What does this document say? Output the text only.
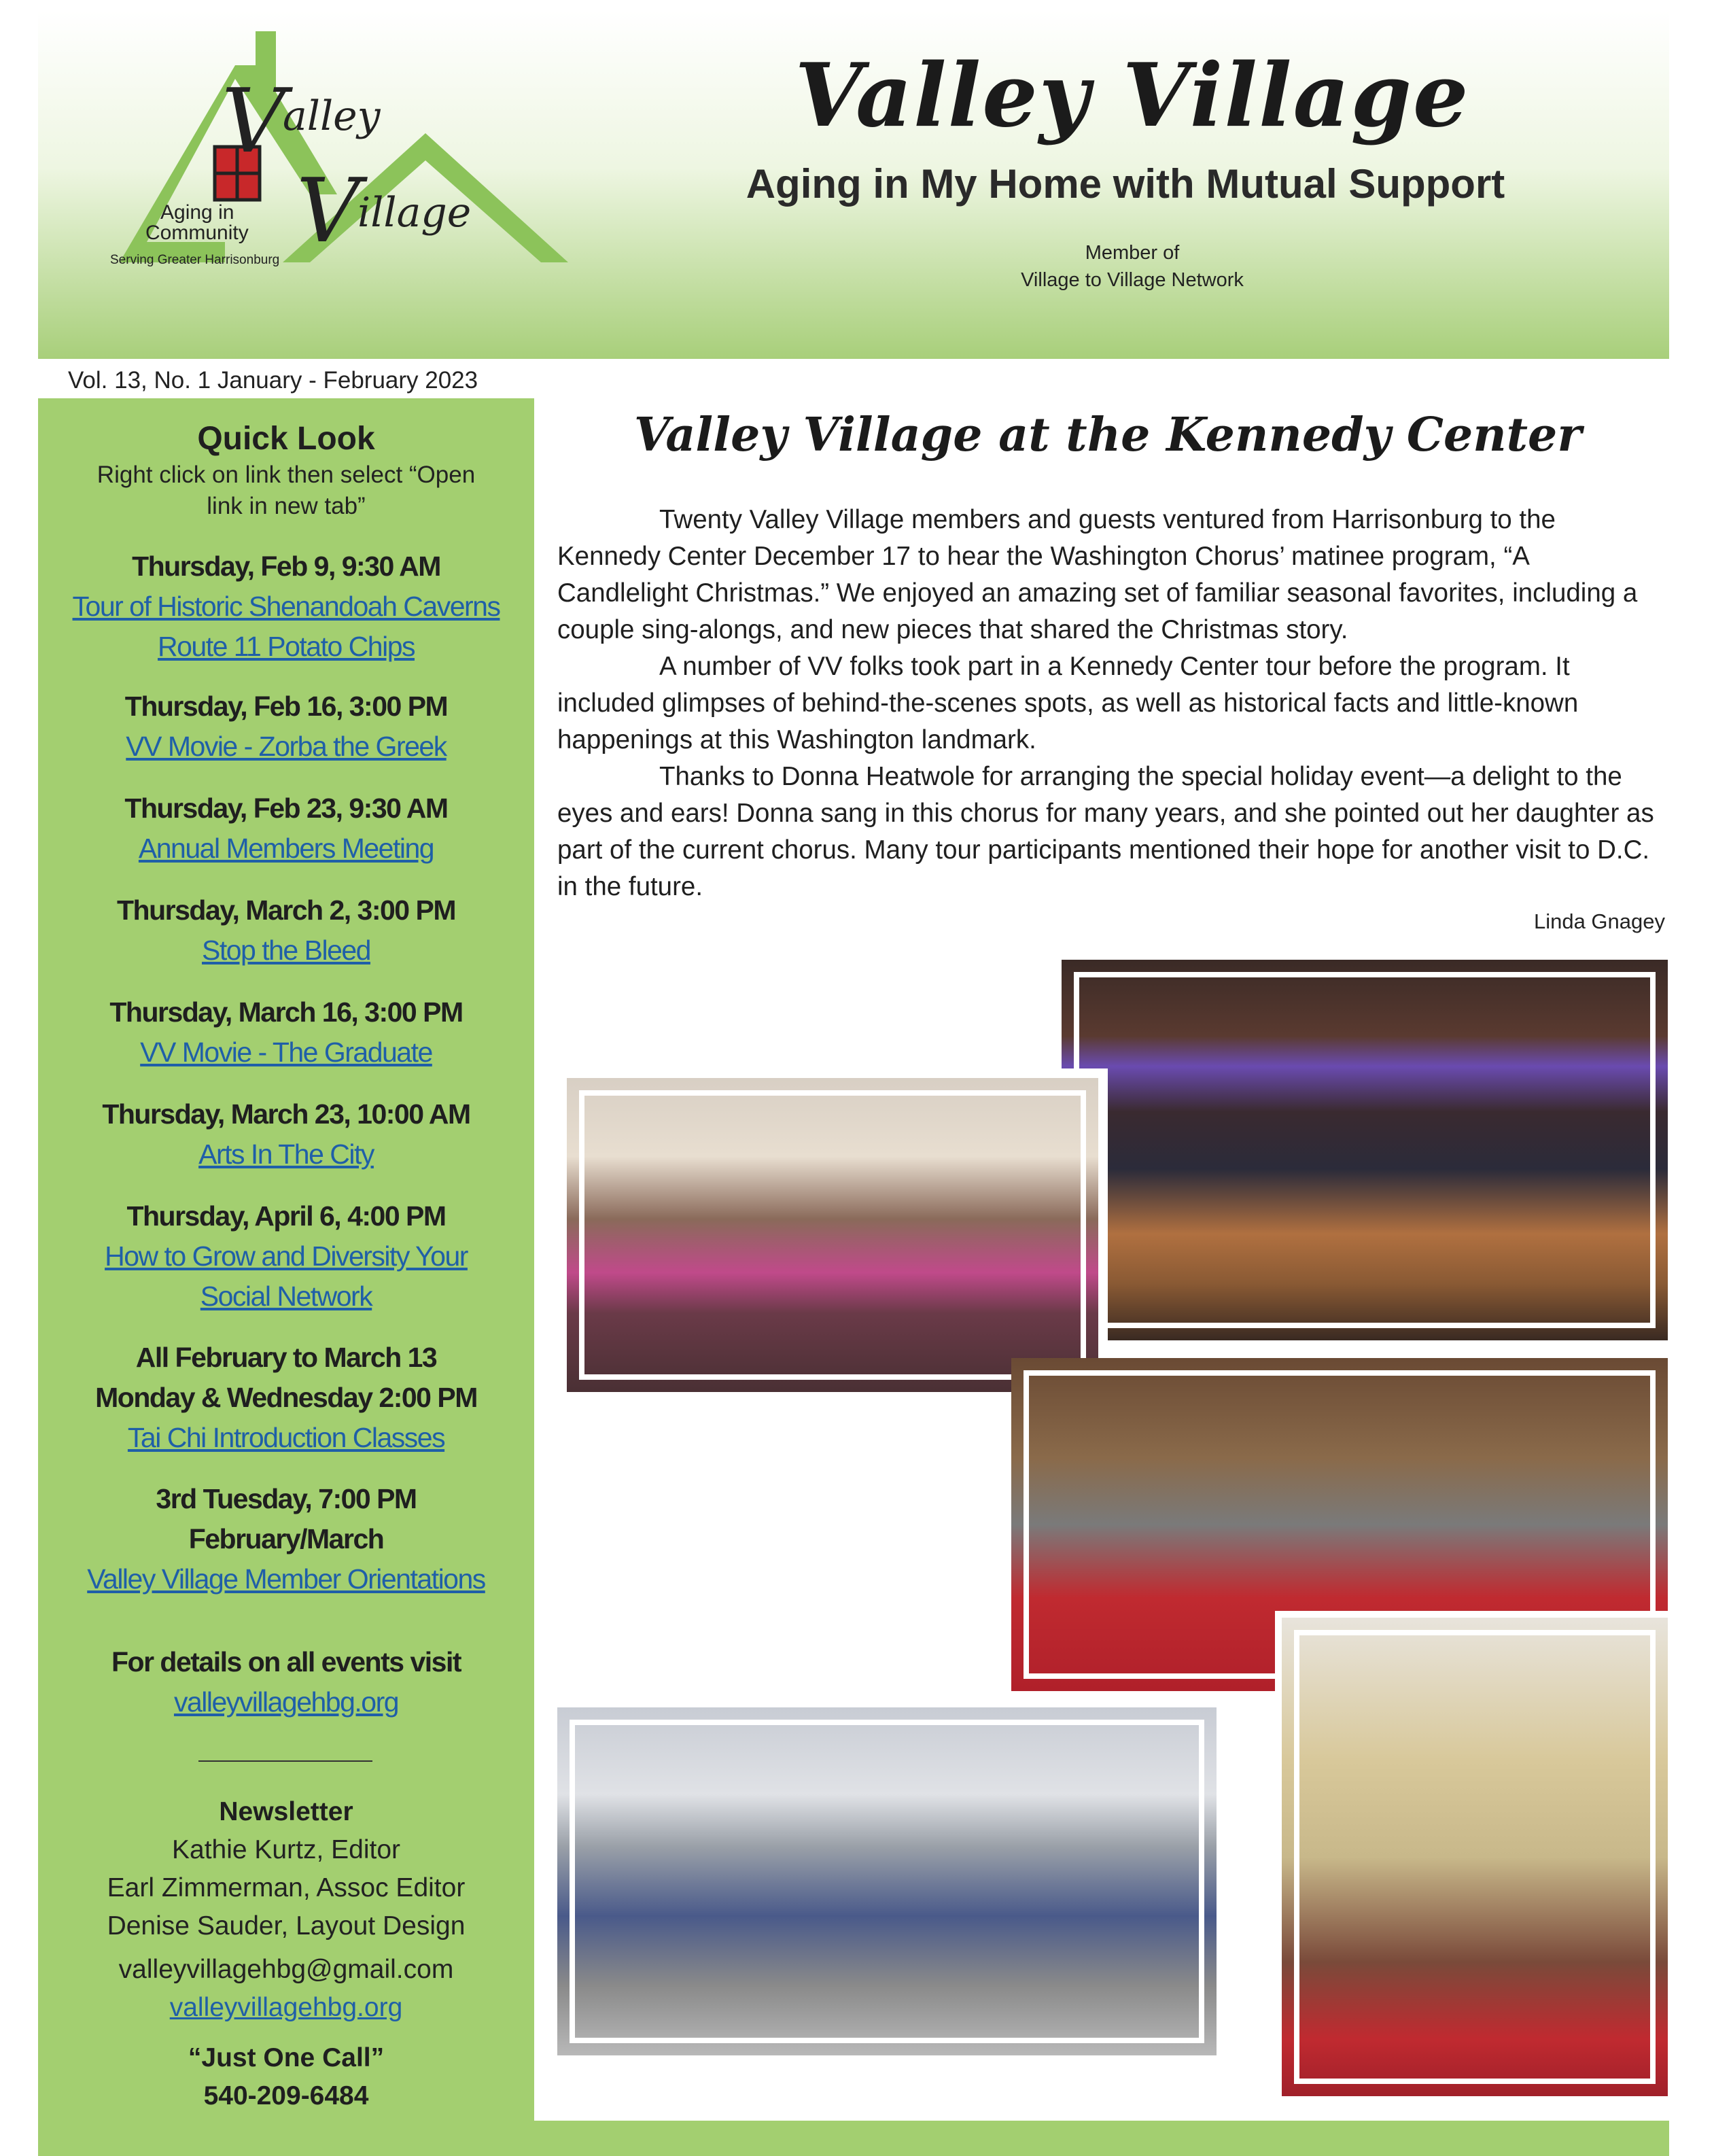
V
alley
V
illage
Aging in
Community
Serving Greater Harrisonburg
Valley Village
Aging in My Home with Mutual Support
Member of
Village to Village Network
Vol. 13, No. 1 January - February 2023
Quick Look
Right click on link then select “Open
link in new tab”
Thursday, Feb 9, 9:30 AM
Tour of Historic Shenandoah Caverns
Route 11 Potato Chips
Thursday, Feb 16, 3:00 PM
VV Movie - Zorba the Greek
Thursday, Feb 23, 9:30 AM
Annual Members Meeting
Thursday, March 2, 3:00 PM
Stop the Bleed
Thursday, March 16, 3:00 PM
VV Movie - The Graduate
Thursday, March 23, 10:00 AM
Arts In The City
Thursday, April 6, 4:00 PM
How to Grow and Diversity Your
Social Network
All February to March 13
Monday & Wednesday 2:00 PM
Tai Chi Introduction Classes
3rd Tuesday, 7:00 PM
February/March
Valley Village Member Orientations
For details on all events visit
valleyvillagehbg.org
Newsletter
Kathie Kurtz, Editor
Earl Zimmerman, Assoc Editor
Denise Sauder, Layout Design
valleyvillagehbg@gmail.com
valleyvillagehbg.org
“Just One Call”
540-209-6484
Valley Village at the Kennedy Center

Twenty Valley Village members and guests ventured from Harrisonburg to the Kennedy Center December 17 to hear the Washington Chorus’ matinee program, “A Candlelight Christmas.” We enjoyed an amazing set of familiar seasonal favorites, including a couple sing-alongs, and new pieces that shared the Christmas story.

A number of VV folks took part in a Kennedy Center tour before the program. It included glimpses of behind-the-scenes spots, as well as historical facts and little-known happenings at this Washington landmark.

Thanks to Donna Heatwole for arranging the special holiday event—a delight to the eyes and ears! Donna sang in this chorus for many years, and she pointed out her daughter as part of the current chorus. Many tour participants mentioned their hope for another visit to D.C. in the future.

Linda Gnagey
